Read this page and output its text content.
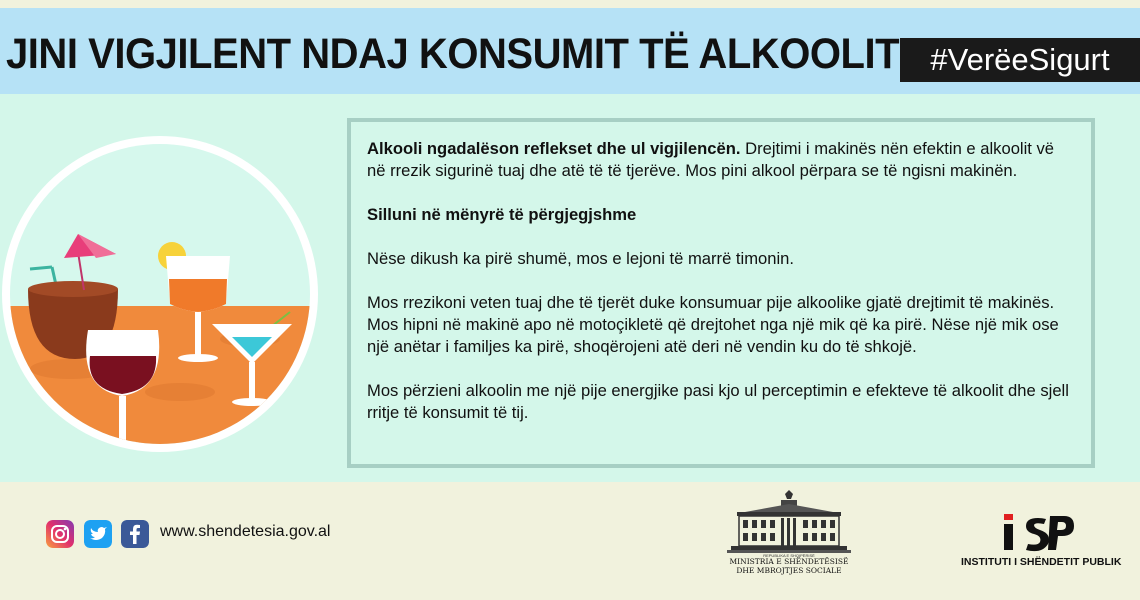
JINI VIGJILENT NDAJ KONSUMIT TË ALKOOLIT	#VerëeSigurt

Alkooli ngadalëson reflekset dhe ul vigjilencën. Drejtimi i makinës nën efektin e alkoolit vë në rrezik sigurinë tuaj dhe atë të të tjerëve. Mos pini alkool përpara se të ngisni makinën.

Silluni në mënyrë të përgjegjshme

Nëse dikush ka pirë shumë, mos e lejoni të marrë timonin.

Mos rrezikoni veten tuaj dhe të tjerët duke konsumuar pije alkoolike gjatë drejtimit të makinës. Mos hipni në makinë apo në motoçikletë që drejtohet nga një mik që ka pirë. Nëse një mik ose një anëtar i familjes ka pirë, shoqërojeni atë deri në vendin ku do të shkojë.

Mos përzieni alkoolin me një pije energjike pasi kjo ul perceptimin e efekteve të alkoolit dhe sjell rritje të konsumit të tij.

www.shendetesia.gov.al
REPUBLIKA E SHQIPËRISË
MINISTRIA E SHËNDETËSISË
DHE MBROJTJES SOCIALE
INSTITUTI I SHËNDETIT PUBLIK
